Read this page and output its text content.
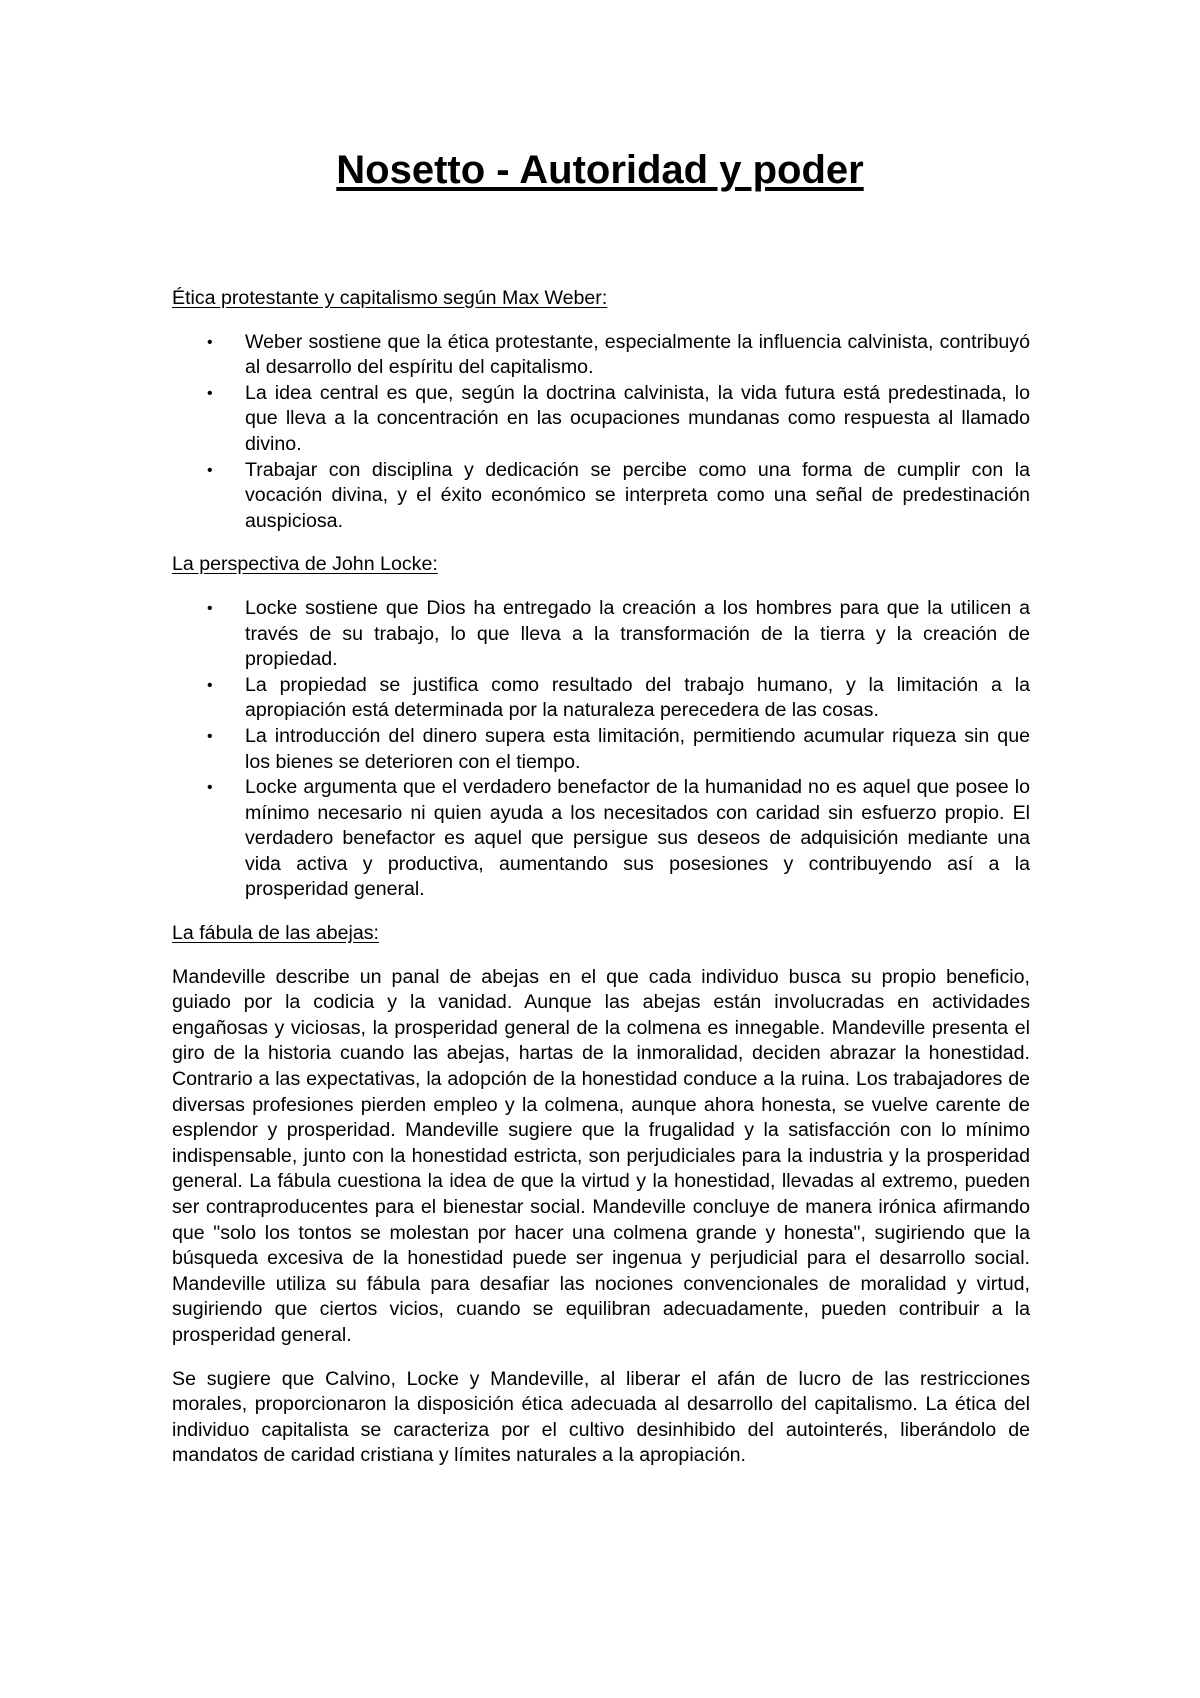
Nosetto - Autoridad y poder

Ética protestante y capitalismo según Max Weber:

• Weber sostiene que la ética protestante, especialmente la influencia calvinista, contribuyó al desarrollo del espíritu del capitalismo.
• La idea central es que, según la doctrina calvinista, la vida futura está predestinada, lo que lleva a la concentración en las ocupaciones mundanas como respuesta al llamado divino.
• Trabajar con disciplina y dedicación se percibe como una forma de cumplir con la vocación divina, y el éxito económico se interpreta como una señal de predestinación auspiciosa.

La perspectiva de John Locke:

• Locke sostiene que Dios ha entregado la creación a los hombres para que la utilicen a través de su trabajo, lo que lleva a la transformación de la tierra y la creación de propiedad.
• La propiedad se justifica como resultado del trabajo humano, y la limitación a la apropiación está determinada por la naturaleza perecedera de las cosas.
• La introducción del dinero supera esta limitación, permitiendo acumular riqueza sin que los bienes se deterioren con el tiempo.
• Locke argumenta que el verdadero benefactor de la humanidad no es aquel que posee lo mínimo necesario ni quien ayuda a los necesitados con caridad sin esfuerzo propio. El verdadero benefactor es aquel que persigue sus deseos de adquisición mediante una vida activa y productiva, aumentando sus posesiones y contribuyendo así a la prosperidad general.

La fábula de las abejas:

Mandeville describe un panal de abejas en el que cada individuo busca su propio beneficio, guiado por la codicia y la vanidad. Aunque las abejas están involucradas en actividades engañosas y viciosas, la prosperidad general de la colmena es innegable. Mandeville presenta el giro de la historia cuando las abejas, hartas de la inmoralidad, deciden abrazar la honestidad. Contrario a las expectativas, la adopción de la honestidad conduce a la ruina. Los trabajadores de diversas profesiones pierden empleo y la colmena, aunque ahora honesta, se vuelve carente de esplendor y prosperidad. Mandeville sugiere que la frugalidad y la satisfacción con lo mínimo indispensable, junto con la honestidad estricta, son perjudiciales para la industria y la prosperidad general. La fábula cuestiona la idea de que la virtud y la honestidad, llevadas al extremo, pueden ser contraproducentes para el bienestar social. Mandeville concluye de manera irónica afirmando que "solo los tontos se molestan por hacer una colmena grande y honesta", sugiriendo que la búsqueda excesiva de la honestidad puede ser ingenua y perjudicial para el desarrollo social. Mandeville utiliza su fábula para desafiar las nociones convencionales de moralidad y virtud, sugiriendo que ciertos vicios, cuando se equilibran adecuadamente, pueden contribuir a la prosperidad general.

Se sugiere que Calvino, Locke y Mandeville, al liberar el afán de lucro de las restricciones morales, proporcionaron la disposición ética adecuada al desarrollo del capitalismo. La ética del individuo capitalista se caracteriza por el cultivo desinhibido del autointerés, liberándolo de mandatos de caridad cristiana y límites naturales a la apropiación.
